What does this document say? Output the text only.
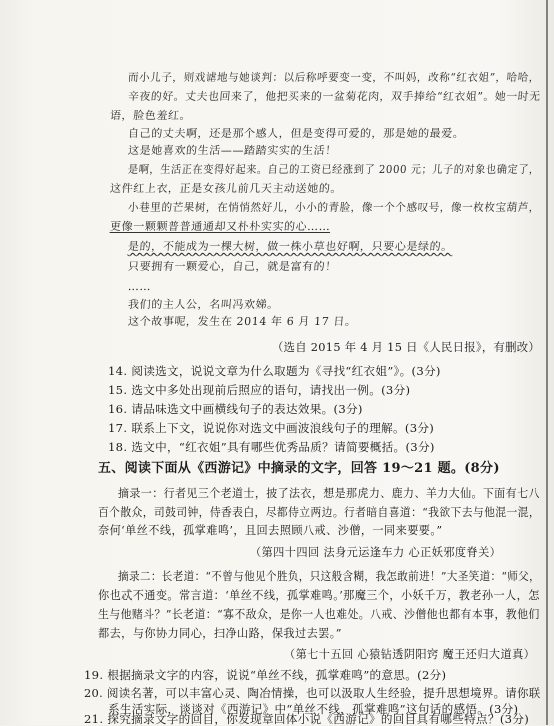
而小儿子，则戏谑地与她谈判：以后称呼要变一变，不叫妈，改称“红衣姐”，哈哈，
辛夜的好。丈夫也回来了，他把买来的一盆菊花肉，双手捧给“红衣姐”。她一时无
语，脸色羞红。
自己的丈夫啊，还是那个感人，但是变得可爱的，那是她的最爱。
这是她喜欢的生活——踏踏实实的生活！
是啊，生活正在变得好起来。自己的工资已经涨到了 2000 元；儿子的对象也确定了，
这件红上衣，正是女孩儿前几天主动送她的。
小巷里的芒果树，在悄悄然好儿，小小的青脸，像一个个感叹号，像一枚枚宝葫芦，
更像一颗颗普普通通却又朴朴实实的心……
是的，不能成为一棵大树，做一株小草也好啊，只要心是绿的。
只要拥有一颗爱心，自己，就是富有的！
……
我们的主人公，名叫冯欢娣。
这个故事呢，发生在 2014 年 6 月 17 日。
（选自 2015 年 4 月 15 日《人民日报》，有删改）
14. 阅读选文，说说文章为什么取题为《寻找“红衣姐”》。(3分)
15. 选文中多处出现前后照应的语句，请找出一例。(3分)
16. 请品味选文中画横线句子的表达效果。(3分)
17. 联系上下文，说说你对选文中画波浪线句子的理解。(3分)
18. 选文中，“红衣姐”具有哪些优秀品质？请简要概括。(3分)
五、阅读下面从《西游记》中摘录的文字，回答 19～21 题。(8分)
摘录一：行者见三个老道士，披了法衣，想是那虎力、鹿力、羊力大仙。下面有七八
百个散众，司鼓司钟，侍香表白，尽都侍立两边。行者暗自喜道：“我欲下去与他混一混，
奈何‘单丝不线，孤掌难鸣’，且回去照顾八戒、沙僧，一同来要要。”
（第四十四回 法身元运逢车力 心正妖邪度脊关）
摘录二：长老道：“不曾与他见个胜负，只这般含糊，我怎敢前进！”大圣笑道：“师父，
你也忒不通变。常言道：‘单丝不线，孤掌难鸣。’那魔三个，小妖千万，教老孙一人，怎
生与他赌斗？”长老道：“寡不敌众，是你一人也难处。八戒、沙僧他也都有本事，教他们
都去，与你协力同心，扫净山路，保我过去罢。”
（第七十五回 心猿钻透阴阳窍 魔王还归大道真）
19. 根据摘录文字的内容，说说“单丝不线，孤掌难鸣”的意思。(2分)
20. 阅读名著，可以丰富心灵、陶冶情操，也可以汲取人生经验，提升思想境界。请你联
系生活实际，谈谈对《西游记》中“单丝不线，孤掌难鸣”这句话的感悟。(3分)
21. 探究摘录文字的回目，你发现章回体小说《西游记》的回目具有哪些特点？(3分)
